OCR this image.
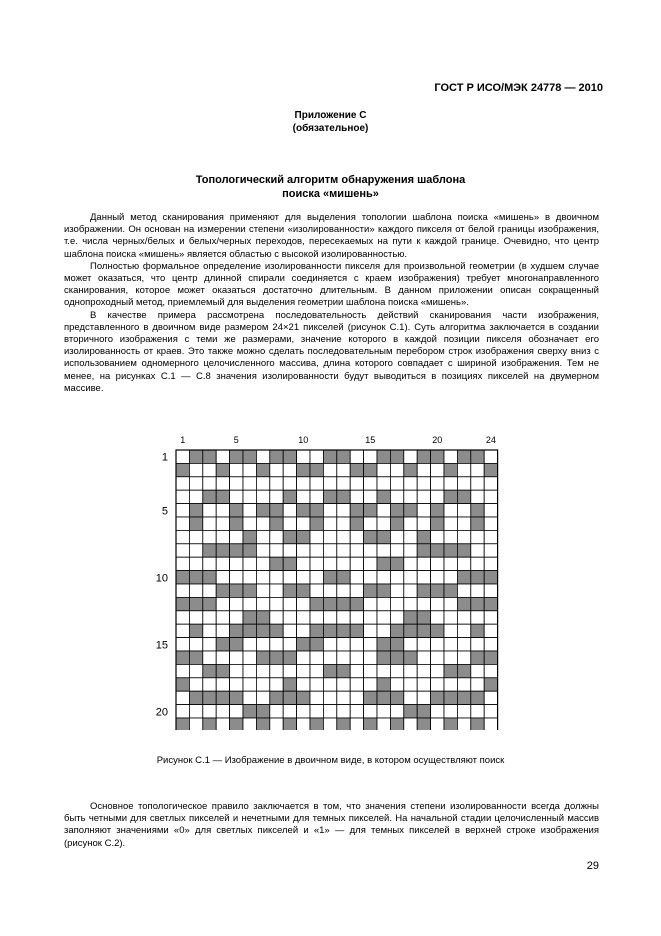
ГОСТ Р ИСО/МЭК 24778 — 2010
Приложение С
(обязательное)
Топологический алгоритм обнаружения шаблона
поиска «мишень»

Данный метод сканирования применяют для выделения топологии шаблона поиска «мишень» в двоичном изображении. Он основан на измерении степени «изолированности» каждого пикселя от белой границы изображения, т.е. числа черных/белых и белых/черных переходов, пересекаемых на пути к каждой границе. Очевидно, что центр шаблона поиска «мишень» является областью с высокой изолированностью.

Полностью формальное определение изолированности пикселя для произвольной геометрии (в худшем случае может оказаться, что центр длинной спирали соединяется с краем изображения) требует многонаправленного сканирования, которое может оказаться достаточно длительным. В данном приложении описан сокращенный однопроходный метод, приемлемый для выделения геометрии шаблона поиска «мишень».

В качестве примера рассмотрена последовательность действий сканирования части изображения, представленного в двоичном виде размером 24×21 пикселей (рисунок С.1). Суть алгоритма заключается в создании вторичного изображения с теми же размерами, значение которого в каждой позиции пикселя обозначает его изолированность от краев. Это также можно сделать последовательным перебором строк изображения сверху вниз с использованием одномерного целочисленного массива, длина которого совпадает с шириной изображения. Тем не менее, на рисунках С.1 — С.8 значения изолированности будут выводиться в позициях пикселей на двумерном массиве.

1	5	10	15	20	24
1
5
10
15
20
Рисунок С.1 — Изображение в двоичном виде, в котором осуществляют поиск

Основное топологическое правило заключается в том, что значения степени изолированности всегда должны быть четными для светлых пикселей и нечетными для темных пикселей. На начальной стадии целочисленный массив заполняют значениями «0» для светлых пикселей и «1» — для темных пикселей в верхней строке изображения (рисунок С.2).

29
